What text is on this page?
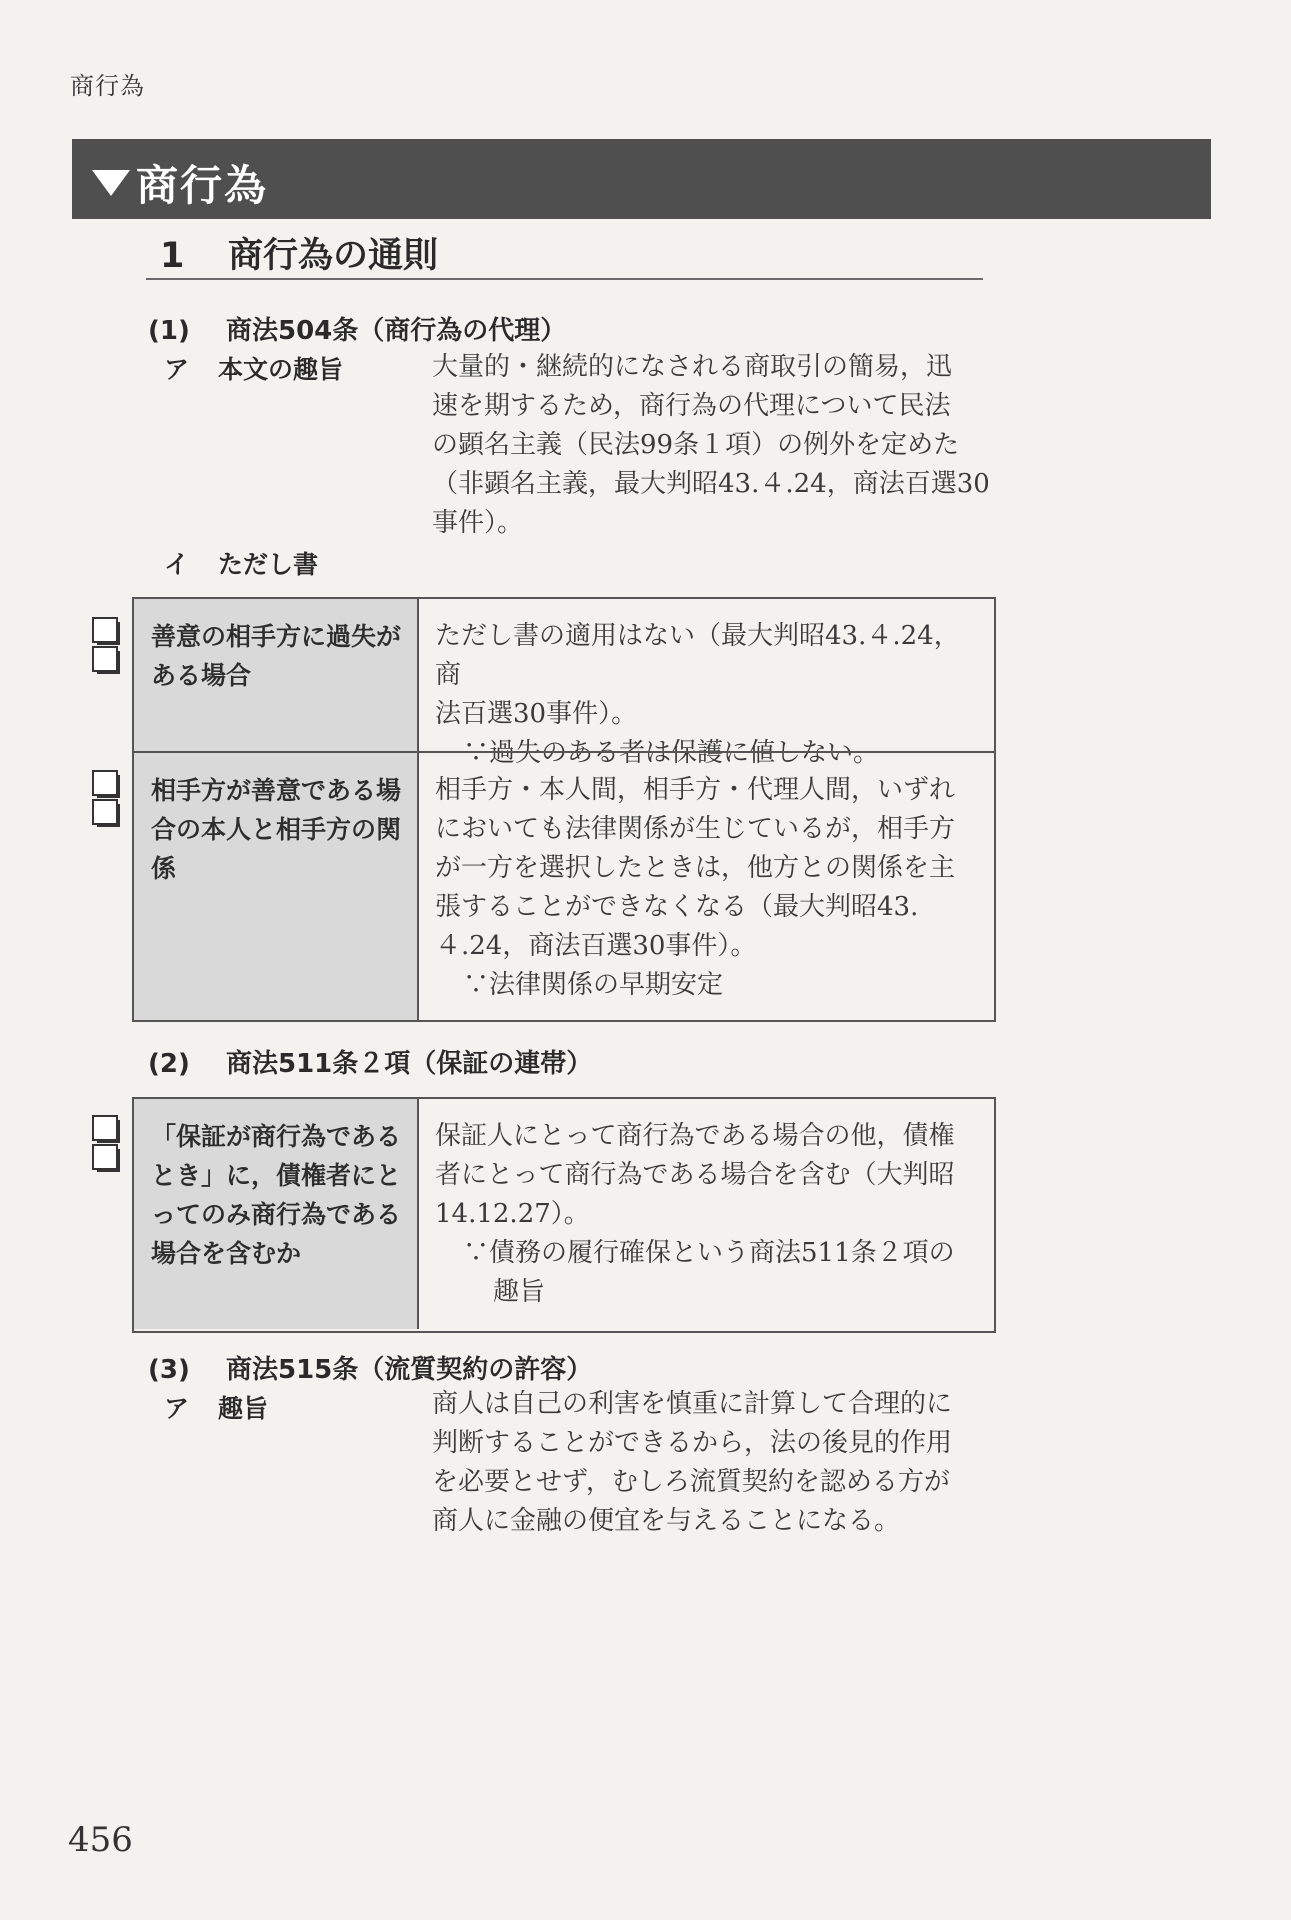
商行為
商行為
1 商行為の通則
(1) 商法504条（商行為の代理）
ア 本文の趣旨	大量的・継続的になされる商取引の簡易，迅

速を期するため，商行為の代理について民法

の顕名主義（民法99条１項）の例外を定めた

（非顕名主義，最大判昭43.４.24，商法百選30

事件）。

イ ただし書
善意の相手方に過失がある場合

ただし書の適用はない（最大判昭43.４.24，商

法百選30事件）。

∵過失のある者は保護に値しない。

相手方が善意である場合の本人と相手方の関係

相手方・本人間，相手方・代理人間，いずれ

においても法律関係が生じているが，相手方

が一方を選択したときは，他方との関係を主

張することができなくなる（最大判昭43.

４.24，商法百選30事件）。

∵法律関係の早期安定

(2) 商法511条２項（保証の連帯）
「保証が商行為であるとき」に，債権者にとってのみ商行為である場合を含むか

保証人にとって商行為である場合の他，債権

者にとって商行為である場合を含む（大判昭

14.12.27）。

∵債務の履行確保という商法511条２項の

趣旨

(3) 商法515条（流質契約の許容）
ア 趣旨	商人は自己の利害を慎重に計算して合理的に

判断することができるから，法の後見的作用

を必要とせず，むしろ流質契約を認める方が

商人に金融の便宜を与えることになる。

456
